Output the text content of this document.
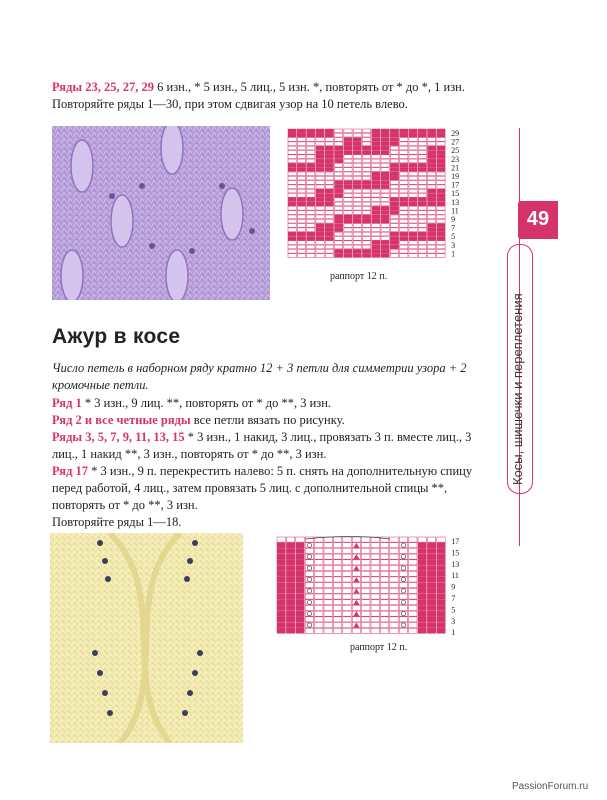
Ряды 23, 25, 27, 29 6 изн., * 5 изн., 5 лиц., 5 изн. *, повторять от * до *, 1 изн.
Повторяйте ряды 1—30, при этом сдвигая узор на 10 петель влево.
29
27
25
23
21
19
17
15
13
11
9
7
5
3
1
раппорт 12 п.
Ажур в косе
Число петель в наборном ряду кратно 12 + 3 петли для симметрии узора + 2 кромочные петли.
Ряд 1 * 3 изн., 9 лиц. **, повторять от * до **, 3 изн.
Ряд 2 и все четные ряды все петли вязать по рисунку.
Ряды 3, 5, 7, 9, 11, 13, 15 * 3 изн., 1 накид, 3 лиц., провязать 3 п. вместе лиц., 3 лиц., 1 накид **, 3 изн., повторять от * до **, 3 изн.
Ряд 17 * 3 изн., 9 п. перекрестить налево: 5 п. снять на дополнительную спицу перед работой, 4 лиц., затем провязать 5 лиц. с дополнительной спицы **, повторять от * до **, 3 изн.
Повторяйте ряды 1—18.
17
15
13
11
9
7
5
3
1
раппорт 12 п.
49
Косы, шишечки и переплетения
PassionForum.ru
